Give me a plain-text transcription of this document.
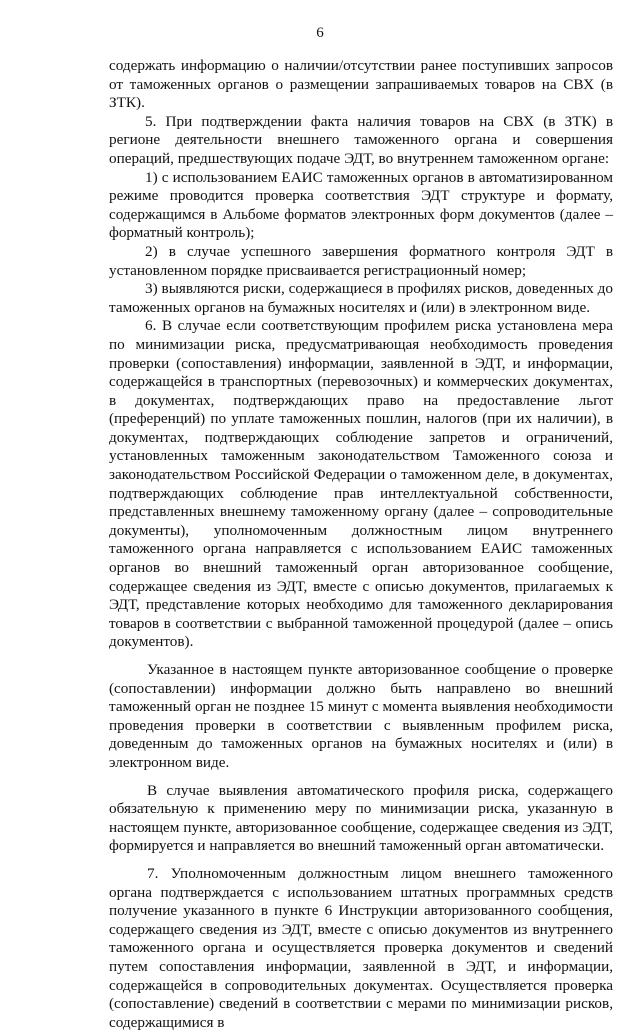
6

содержать информацию о наличии/отсутствии ранее поступивших запросов от таможенных органов о размещении запрашиваемых товаров на СВХ (в ЗТК).

5. При подтверждении факта наличия товаров на СВХ (в ЗТК) в регионе деятельности внешнего таможенного органа и совершения операций, предшествующих подаче ЭДТ, во внутреннем таможенном органе:

1) с использованием ЕАИС таможенных органов в автоматизированном режиме проводится проверка соответствия ЭДТ структуре и формату, содержащимся в Альбоме форматов электронных форм документов (далее – форматный контроль);

2) в случае успешного завершения форматного контроля ЭДТ в установленном порядке присваивается регистрационный номер;

3) выявляются риски, содержащиеся в профилях рисков, доведенных до таможенных органов на бумажных носителях и (или) в электронном виде.

6. В случае если соответствующим профилем риска установлена мера по минимизации риска, предусматривающая необходимость проведения проверки (сопоставления) информации, заявленной в ЭДТ, и информации, содержащейся в транспортных (перевозочных) и коммерческих документах, в документах, подтверждающих право на предоставление льгот (преференций) по уплате таможенных пошлин, налогов (при их наличии), в документах, подтверждающих соблюдение запретов и ограничений, установленных таможенным законодательством Таможенного союза и законодательством Российской Федерации о таможенном деле, в документах, подтверждающих соблюдение прав интеллектуальной собственности, представленных внешнему таможенному органу (далее – сопроводительные документы), уполномоченным должностным лицом внутреннего таможенного органа направляется с использованием ЕАИС таможенных органов во внешний таможенный орган авторизованное сообщение, содержащее сведения из ЭДТ, вместе с описью документов, прилагаемых к ЭДТ, представление которых необходимо для таможенного декларирования товаров в соответствии с выбранной таможенной процедурой (далее – опись документов).

Указанное в настоящем пункте авторизованное сообщение о проверке (сопоставлении) информации должно быть направлено во внешний таможенный орган не позднее 15 минут с момента выявления необходимости проведения проверки в соответствии с выявленным профилем риска, доведенным до таможенных органов на бумажных носителях и (или) в электронном виде.

В случае выявления автоматического профиля риска, содержащего обязательную к применению меру по минимизации риска, указанную в настоящем пункте, авторизованное сообщение, содержащее сведения из ЭДТ, формируется и направляется во внешний таможенный орган автоматически.

7. Уполномоченным должностным лицом внешнего таможенного органа подтверждается с использованием штатных программных средств получение указанного в пункте 6 Инструкции авторизованного сообщения, содержащего сведения из ЭДТ, вместе с описью документов из внутреннего таможенного органа и осуществляется проверка документов и сведений путем сопоставления информации, заявленной в ЭДТ, и информации, содержащейся в сопроводительных документах. Осуществляется проверка (сопоставление) сведений в соответствии с мерами по минимизации рисков, содержащимися в
